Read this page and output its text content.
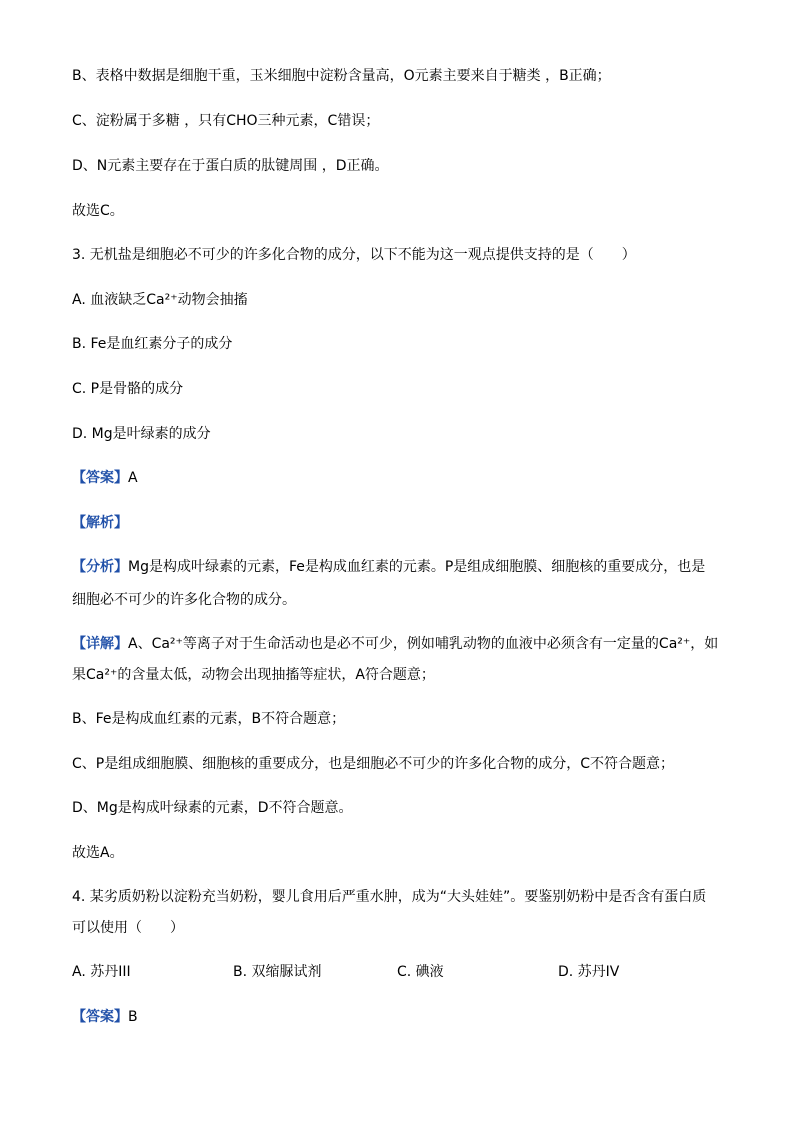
B、表格中数据是细胞干重，玉米细胞中淀粉含量高，O元素主要来自于糖类 ，B正确；
C、淀粉属于多糖 ，只有CHO三种元素，C错误；
D、N元素主要存在于蛋白质的肽键周围 ，D正确。
故选C。
3. 无机盐是细胞必不可少的许多化合物的成分，以下不能为这一观点提供支持的是（　　）
A. 血液缺乏Ca²⁺动物会抽搐
B. Fe是血红素分子的成分
C. P是骨骼的成分
D. Mg是叶绿素的成分
【答案】A
【解析】
【分析】Mg是构成叶绿素的元素，Fe是构成血红素的元素。P是组成细胞膜、细胞核的重要成分，也是
细胞必不可少的许多化合物的成分。
【详解】A、Ca²⁺等离子对于生命活动也是必不可少，例如哺乳动物的血液中必须含有一定量的Ca²⁺，如
果Ca²⁺的含量太低，动物会出现抽搐等症状，A符合题意；
B、Fe是构成血红素的元素，B不符合题意；
C、P是组成细胞膜、细胞核的重要成分，也是细胞必不可少的许多化合物的成分，C不符合题意；
D、Mg是构成叶绿素的元素，D不符合题意。
故选A。
4. 某劣质奶粉以淀粉充当奶粉，婴儿食用后严重水肿，成为“大头娃娃”。要鉴别奶粉中是否含有蛋白质
可以使用（　　）
A. 苏丹III	B. 双缩脲试剂	C. 碘液	D. 苏丹IV
【答案】B
